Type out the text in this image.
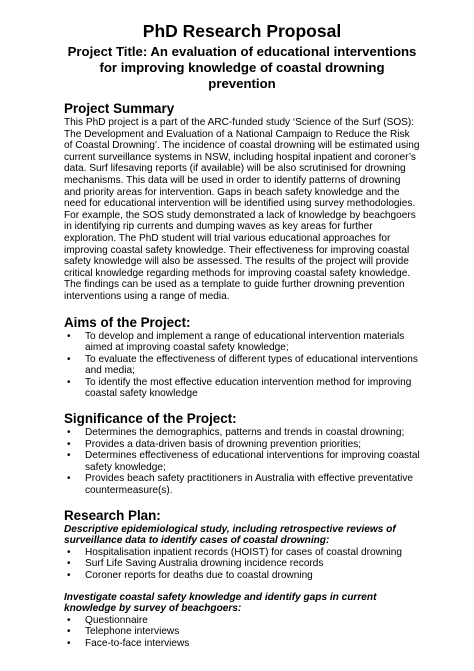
PhD Research Proposal
Project Title: An evaluation of educational interventions for improving knowledge of coastal drowning prevention
Project Summary

This PhD project is a part of the ARC-funded study ‘Science of the Surf (SOS): The Development and Evaluation of a National Campaign to Reduce the Risk of Coastal Drowning’. The incidence of coastal drowning will be estimated using current surveillance systems in NSW, including hospital inpatient and coroner’s data. Surf lifesaving reports (if available) will be also scrutinised for drowning mechanisms. This data will be used in order to identify patterns of drowning and priority areas for intervention. Gaps in beach safety knowledge and the need for educational intervention will be identified using survey methodologies. For example, the SOS study demonstrated a lack of knowledge by beachgoers in identifying rip currents and dumping waves as key areas for further exploration. The PhD student will trial various educational approaches for improving coastal safety knowledge. Their effectiveness for improving coastal safety knowledge will also be assessed. The results of the project will provide critical knowledge regarding methods for improving coastal safety knowledge. The findings can be used as a template to guide further drowning prevention interventions using a range of media.

Aims of the Project:
• To develop and implement a range of educational intervention materials aimed at improving coastal safety knowledge;
• To evaluate the effectiveness of different types of educational interventions and media;
• To identify the most effective education intervention method for improving coastal safety knowledge
Significance of the Project:
• Determines the demographics, patterns and trends in coastal drowning;
• Provides a data-driven basis of drowning prevention priorities;
• Determines effectiveness of educational interventions for improving coastal safety knowledge;
• Provides beach safety practitioners in Australia with effective preventative countermeasure(s).
Research Plan:

Descriptive epidemiological study, including retrospective reviews of surveillance data to identify cases of coastal drowning:

• Hospitalisation inpatient records (HOIST) for cases of coastal drowning
• Surf Life Saving Australia drowning incidence records
• Coroner reports for deaths due to coastal drowning

Investigate coastal safety knowledge and identify gaps in current knowledge by survey of beachgoers:

• Questionnaire
• Telephone interviews
• Face-to-face interviews
